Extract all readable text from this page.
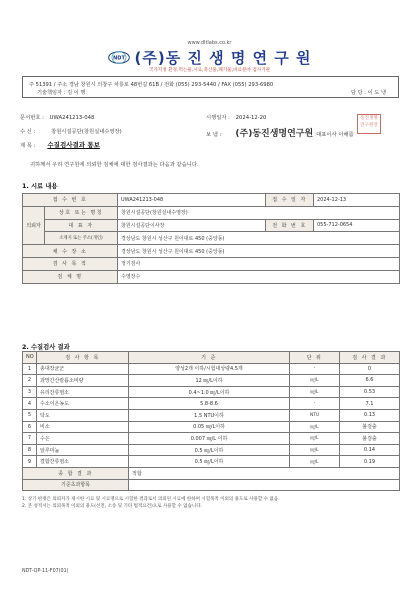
www.dltlabs.co.kr
NDT (주)동 진 생 명 연 구 원
국가지정 환경,먹는물,시료,축산물,폐기물,비료분야 검사기관
주 51391 / 주소 경남 창원시 의창구 차룡로 48번길 61B / 전화 (055) 293-5440 / FAX (055) 293-6980
기술책임자 : 김 이 행	담 당 : 이 도 냉
문서번호 : UWA241213-048	시행일자 : 2024-12-20
수 신 :	창원시설공단(창원실내수영장)	보 냄 : (주)동진생명연구원 대표이사 이해름
동진생명 연구원장
제 목 : 수질검사결과 통보
귀하께서 우리 연구원에 의뢰한 검체에 대한 검사결과는 다음과 같습니다.
1. 시료 내용
접 수 번 호		UWA241213-048	접 수 일 자	2024-12-13
의뢰자	상호 또는 명칭	창원시설공단(창원실내수영장)		
	대 표 자	창원시설공단이사장	전 화 번 호	055-712-0654
	소재지 또는 주소(개인)	경상남도 창원시 성산구 원이대로 450 (중앙동)		
채 수 장 소		경상남도 창원시 성산구 원이대로 450 (중앙동)		
검 사 목 적		정기검사		
검 체 명		수영장수		
2. 수질검사 결과
NO	검 사 항 목	기 준	단 위	검 사 결 과
1	총대장균군	양성2개 이하/시험대상량4.5개	-	0
2	과망간산칼륨소비량	12 ㎎/L이하	㎎/L	6.6
3	유리잔류염소	0.4~1.0 ㎎/L이하	㎎/L	0.53
4	수소이온농도	5.8-8.6	-	7.1
5	탁도	1.5 NTU이하	NTU	0.13
6	비소	0.05 ㎎/L이하	㎎/L	불검출
7	수은	0.007 ㎎/L 이하	㎎/L	불검출
8	알루미늄	0.5 ㎎/L이하	㎎/L	0.14
9	결합잔류염소	0.5 ㎎/L이하	㎎/L	0.19
종 합 결 과		적합		
기준초과항목				
1. 상기 판정은 의뢰자가 제시한 시료 및 시료명으로 시험한 결과로서 의뢰된 시료에 한하며 시험목적 이외의 용도로 사용할 수 없음.
2. 본 성적서는 의뢰목적 이외의 용도(선전, 소송 및 기타 법적요건)으로 사용할 수 없습니다.
NDT-QP-11-F07(01)
